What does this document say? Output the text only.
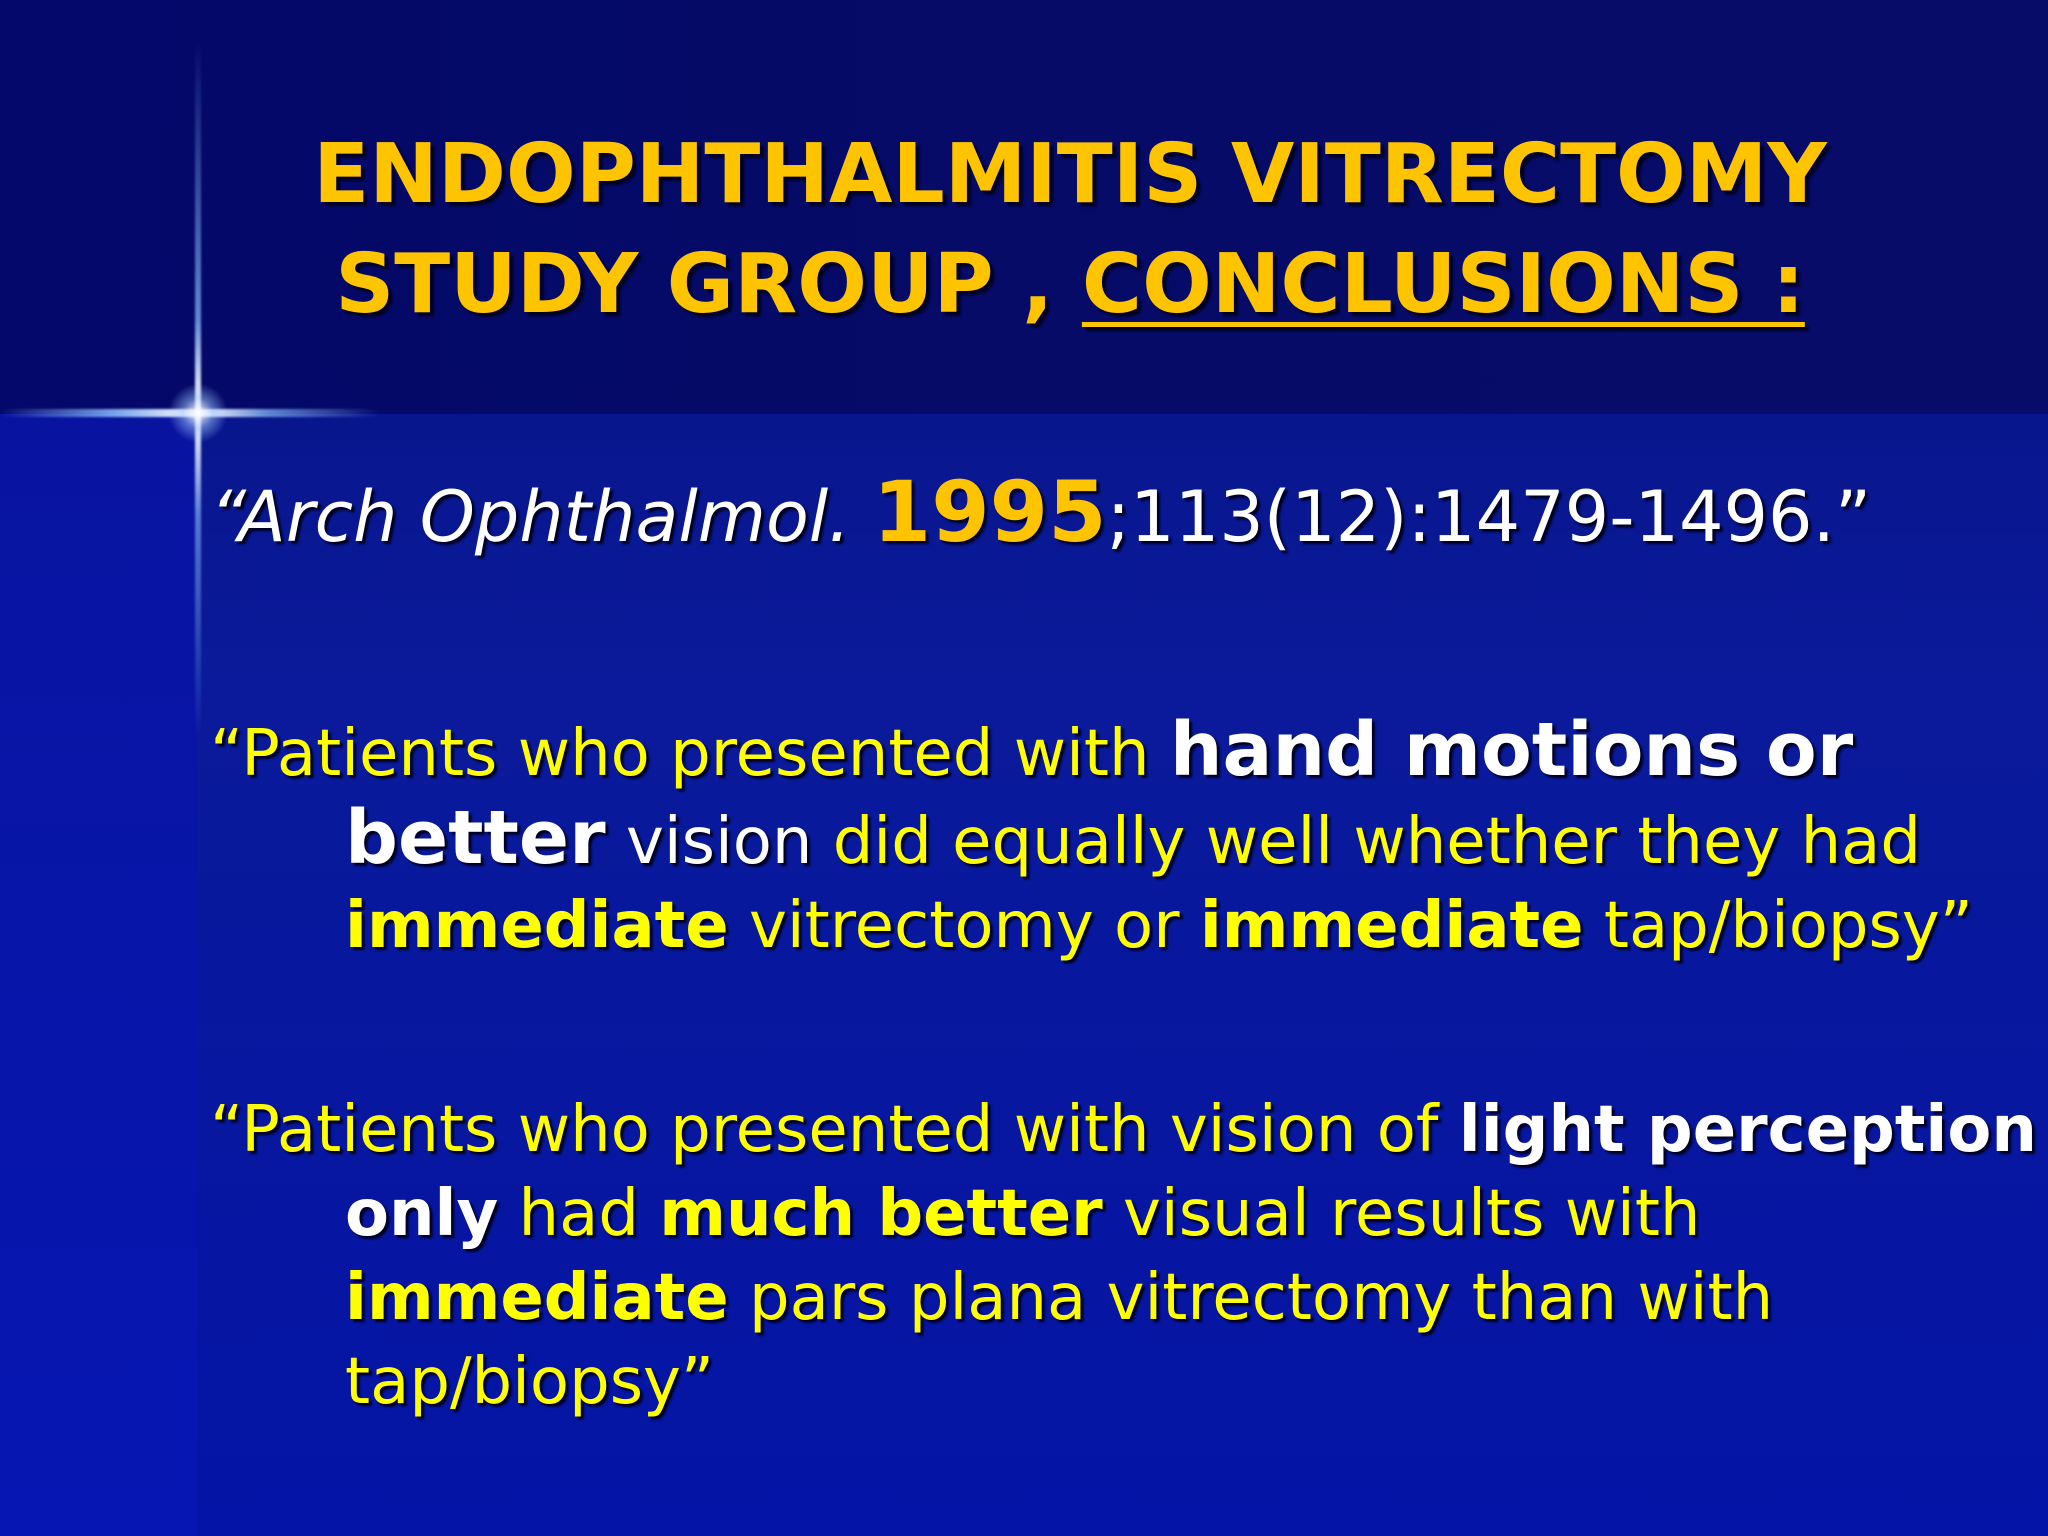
ENDOPHTHALMITIS VITRECTOMY
STUDY GROUP , CONCLUSIONS :
“Arch Ophthalmol. 1995;113(12):1479-1496.”
“Patients who presented with hand motions or
better vision did equally well whether they had
immediate vitrectomy or immediate tap/biopsy”
“Patients who presented with vision of light perception
only had much better visual results with
immediate pars plana vitrectomy than with
tap/biopsy”
